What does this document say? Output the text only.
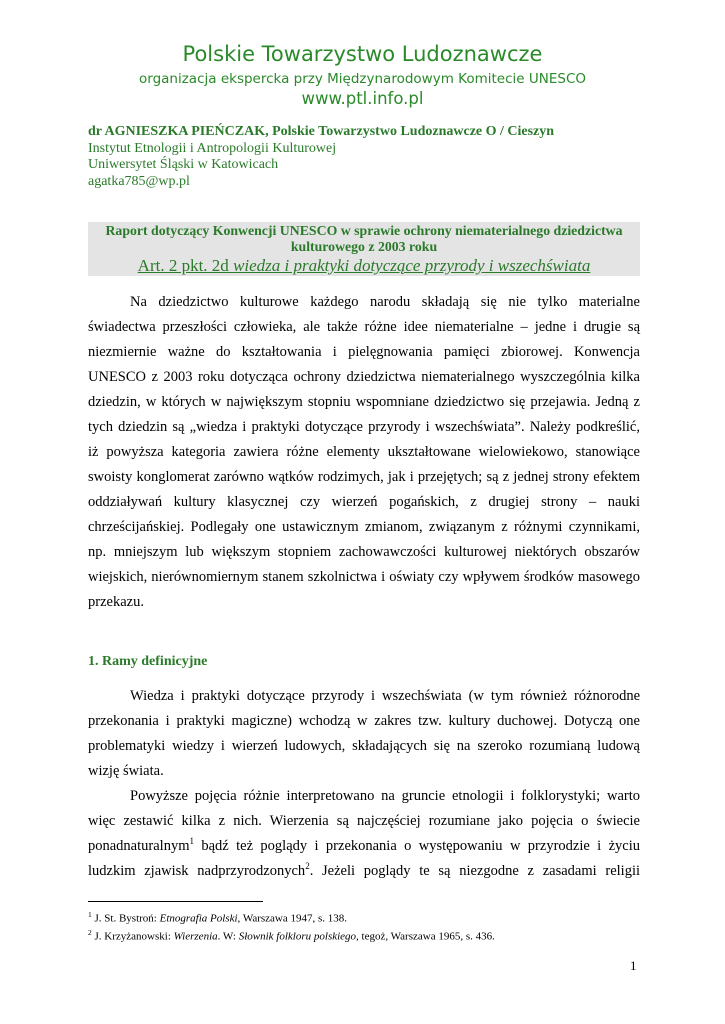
Polskie Towarzystwo Ludoznawcze
organizacja ekspercka przy Międzynarodowym Komitecie UNESCO
www.ptl.info.pl
dr AGNIESZKA PIEŃCZAK, Polskie Towarzystwo Ludoznawcze O / Cieszyn
Instytut Etnologii i Antropologii Kulturowej
Uniwersytet Śląski w Katowicach
agatka785@wp.pl
Raport dotyczący Konwencji UNESCO w sprawie ochrony niematerialnego dziedzictwa
kulturowego z 2003 roku
Art. 2 pkt. 2d wiedza i praktyki dotyczące przyrody i wszechświata
Na dziedzictwo kulturowe każdego narodu składają się nie tylko materialne
świadectwa przeszłości człowieka, ale także różne idee niematerialne – jedne i drugie są
niezmiernie ważne do kształtowania i pielęgnowania pamięci zbiorowej. Konwencja
UNESCO z 2003 roku dotycząca ochrony dziedzictwa niematerialnego wyszczególnia kilka
dziedzin, w których w największym stopniu wspomniane dziedzictwo się przejawia. Jedną z
tych dziedzin są „wiedza i praktyki dotyczące przyrody i wszechświata”. Należy podkreślić,
iż powyższa kategoria zawiera różne elementy ukształtowane wielowiekowo, stanowiące
swoisty konglomerat zarówno wątków rodzimych, jak i przejętych; są z jednej strony efektem
oddziaływań kultury klasycznej czy wierzeń pogańskich, z drugiej strony – nauki
chrześcijańskiej. Podlegały one ustawicznym zmianom, związanym z różnymi czynnikami,
np. mniejszym lub większym stopniem zachowawczości kulturowej niektórych obszarów
wiejskich, nierównomiernym stanem szkolnictwa i oświaty czy wpływem środków masowego
przekazu.
1. Ramy definicyjne
Wiedza i praktyki dotyczące przyrody i wszechświata (w tym również różnorodne
przekonania i praktyki magiczne) wchodzą w zakres tzw. kultury duchowej. Dotyczą one
problematyki wiedzy i wierzeń ludowych, składających się na szeroko rozumianą ludową
wizję świata.
Powyższe pojęcia różnie interpretowano na gruncie etnologii i folklorystyki; warto
więc zestawić kilka z nich. Wierzenia są najczęściej rozumiane jako pojęcia o świecie
ponadnaturalnym$^1$ bądź też poglądy i przekonania o występowaniu w przyrodzie i życiu
ludzkim zjawisk nadprzyrodzonych$^2$. Jeżeli poglądy te są niezgodne z zasadami religii
$^1$ J. St. Bystroń: Etnografia Polski, Warszawa 1947, s. 138.
$^2$ J. Krzyżanowski: Wierzenia. W: Słownik folkloru polskiego, tegoż, Warszawa 1965, s. 436.
1
